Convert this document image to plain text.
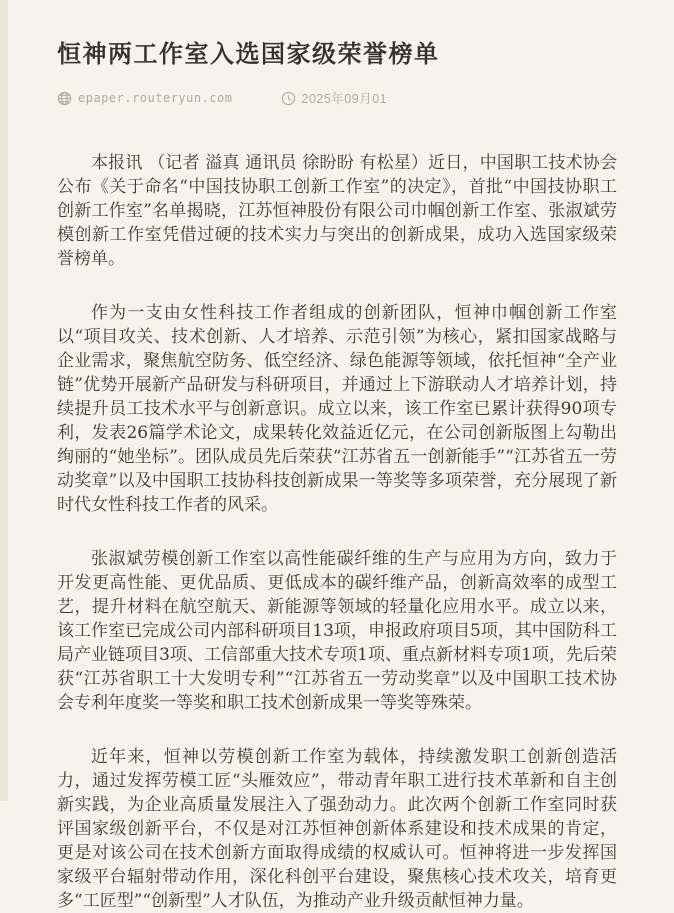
恒神两工作室入选国家级荣誉榜单
epaper.routeryun.com	2025年09月01

本报讯 （记者 溢真 通讯员 徐盼盼 有松星）近日，中国职工技术协会公布《关于命名“中国技协职工创新工作室”的决定》，首批“中国技协职工创新工作室”名单揭晓，江苏恒神股份有限公司巾帼创新工作室、张淑斌劳模创新工作室凭借过硬的技术实力与突出的创新成果，成功入选国家级荣誉榜单。

作为一支由女性科技工作者组成的创新团队，恒神巾帼创新工作室以“项目攻关、技术创新、人才培养、示范引领”为核心，紧扣国家战略与企业需求，聚焦航空防务、低空经济、绿色能源等领域，依托恒神“全产业链”优势开展新产品研发与科研项目，并通过上下游联动人才培养计划，持续提升员工技术水平与创新意识。成立以来，该工作室已累计获得90项专利，发表26篇学术论文，成果转化效益近亿元，在公司创新版图上勾勒出绚丽的“她坐标”。团队成员先后荣获“江苏省五一创新能手”“江苏省五一劳动奖章”以及中国职工技协科技创新成果一等奖等多项荣誉，充分展现了新时代女性科技工作者的风采。

张淑斌劳模创新工作室以高性能碳纤维的生产与应用为方向，致力于开发更高性能、更优品质、更低成本的碳纤维产品，创新高效率的成型工艺，提升材料在航空航天、新能源等领域的轻量化应用水平。成立以来，该工作室已完成公司内部科研项目13项，申报政府项目5项，其中国防科工局产业链项目3项、工信部重大技术专项1项、重点新材料专项1项，先后荣获“江苏省职工十大发明专利”“江苏省五一劳动奖章”以及中国职工技术协会专利年度奖一等奖和职工技术创新成果一等奖等殊荣。

近年来，恒神以劳模创新工作室为载体，持续激发职工创新创造活力，通过发挥劳模工匠“头雁效应”，带动青年职工进行技术革新和自主创新实践，为企业高质量发展注入了强劲动力。此次两个创新工作室同时获评国家级创新平台，不仅是对江苏恒神创新体系建设和技术成果的肯定，更是对该公司在技术创新方面取得成绩的权威认可。恒神将进一步发挥国家级平台辐射带动作用，深化科创平台建设，聚焦核心技术攻关，培育更多“工匠型”“创新型”人才队伍，为推动产业升级贡献恒神力量。
